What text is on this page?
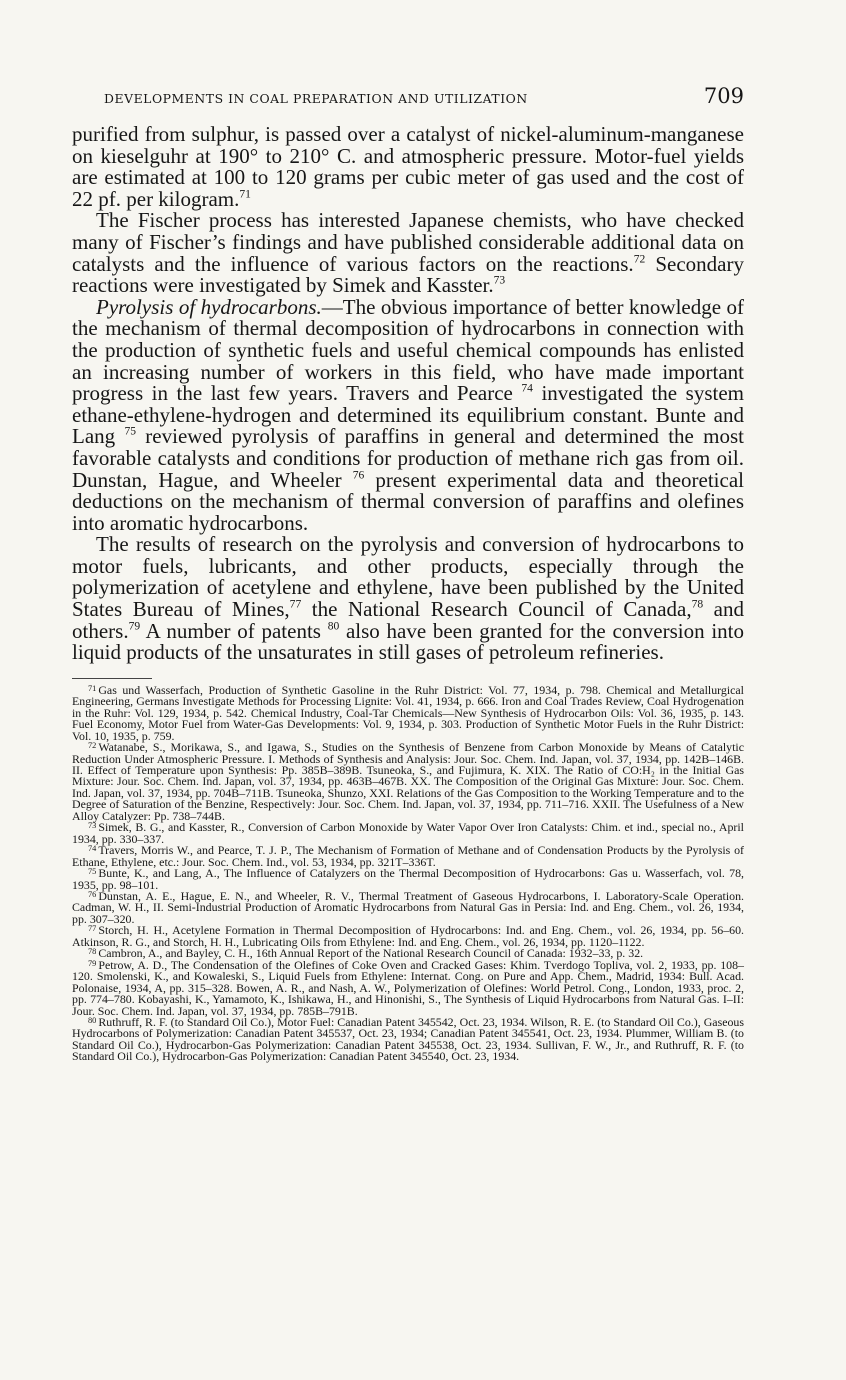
DEVELOPMENTS IN COAL PREPARATION AND UTILIZATION	709

purified from sulphur, is passed over a catalyst of nickel-aluminum-manganese on kieselguhr at 190° to 210° C. and atmospheric pressure. Motor-fuel yields are estimated at 100 to 120 grams per cubic meter of gas used and the cost of 22 pf. per kilogram.$^{71}$

The Fischer process has interested Japanese chemists, who have checked many of Fischer’s findings and have published considerable additional data on catalysts and the influence of various factors on the reactions.$^{72}$ Secondary reactions were investigated by Simek and Kasster.$^{73}$

Pyrolysis of hydrocarbons.—The obvious importance of better knowledge of the mechanism of thermal decomposition of hydrocarbons in connection with the production of synthetic fuels and useful chemical compounds has enlisted an increasing number of workers in this field, who have made important progress in the last few years. Travers and Pearce $^{74}$ investigated the system ethane-ethylene-hydrogen and determined its equilibrium constant. Bunte and Lang $^{75}$ reviewed pyrolysis of paraffins in general and determined the most favorable catalysts and conditions for production of methane rich gas from oil. Dunstan, Hague, and Wheeler $^{76}$ present experimental data and theoretical deductions on the mechanism of thermal conversion of paraffins and olefines into aromatic hydrocarbons.

The results of research on the pyrolysis and conversion of hydrocarbons to motor fuels, lubricants, and other products, especially through the polymerization of acetylene and ethylene, have been published by the United States Bureau of Mines,$^{77}$ the National Research Council of Canada,$^{78}$ and others.$^{79}$ A number of patents $^{80}$ also have been granted for the conversion into liquid products of the unsaturates in still gases of petroleum refineries.

$^{71}$ Gas und Wasserfach, Production of Synthetic Gasoline in the Ruhr District: Vol. 77, 1934, p. 798. Chemical and Metallurgical Engineering, Germans Investigate Methods for Processing Lignite: Vol. 41, 1934, p. 666. Iron and Coal Trades Review, Coal Hydrogenation in the Ruhr: Vol. 129, 1934, p. 542. Chemical Industry, Coal-Tar Chemicals—New Synthesis of Hydrocarbon Oils: Vol. 36, 1935, p. 143. Fuel Economy, Motor Fuel from Water-Gas Developments: Vol. 9, 1934, p. 303. Production of Synthetic Motor Fuels in the Ruhr District: Vol. 10, 1935, p. 759.

$^{72}$ Watanabe, S., Morikawa, S., and Igawa, S., Studies on the Synthesis of Benzene from Carbon Monoxide by Means of Catalytic Reduction Under Atmospheric Pressure. I. Methods of Synthesis and Analysis: Jour. Soc. Chem. Ind. Japan, vol. 37, 1934, pp. 142B–146B. II. Effect of Temperature upon Synthesis: Pp. 385B–389B. Tsuneoka, S., and Fujimura, K. XIX. The Ratio of CO:H₂ in the Initial Gas Mixture: Jour. Soc. Chem. Ind. Japan, vol. 37, 1934, pp. 463B–467B. XX. The Composition of the Original Gas Mixture: Jour. Soc. Chem. Ind. Japan, vol. 37, 1934, pp. 704B–711B. Tsuneoka, Shunzo, XXI. Relations of the Gas Composition to the Working Temperature and to the Degree of Saturation of the Benzine, Respectively: Jour. Soc. Chem. Ind. Japan, vol. 37, 1934, pp. 711–716. XXII. The Usefulness of a New Alloy Catalyzer: Pp. 738–744B.

$^{73}$ Simek, B. G., and Kasster, R., Conversion of Carbon Monoxide by Water Vapor Over Iron Catalysts: Chim. et ind., special no., April 1934, pp. 330–337.

$^{74}$ Travers, Morris W., and Pearce, T. J. P., The Mechanism of Formation of Methane and of Condensation Products by the Pyrolysis of Ethane, Ethylene, etc.: Jour. Soc. Chem. Ind., vol. 53, 1934, pp. 321T–336T.

$^{75}$ Bunte, K., and Lang, A., The Influence of Catalyzers on the Thermal Decomposition of Hydrocarbons: Gas u. Wasserfach, vol. 78, 1935, pp. 98–101.

$^{76}$ Dunstan, A. E., Hague, E. N., and Wheeler, R. V., Thermal Treatment of Gaseous Hydrocarbons, I. Laboratory-Scale Operation. Cadman, W. H., II. Semi-Industrial Production of Aromatic Hydrocarbons from Natural Gas in Persia: Ind. and Eng. Chem., vol. 26, 1934, pp. 307–320.

$^{77}$ Storch, H. H., Acetylene Formation in Thermal Decomposition of Hydrocarbons: Ind. and Eng. Chem., vol. 26, 1934, pp. 56–60. Atkinson, R. G., and Storch, H. H., Lubricating Oils from Ethylene: Ind. and Eng. Chem., vol. 26, 1934, pp. 1120–1122.

$^{78}$ Cambron, A., and Bayley, C. H., 16th Annual Report of the National Research Council of Canada: 1932–33, p. 32.

$^{79}$ Petrow, A. D., The Condensation of the Olefines of Coke Oven and Cracked Gases: Khim. Tverdogo Topliva, vol. 2, 1933, pp. 108–120. Smolenski, K., and Kowaleski, S., Liquid Fuels from Ethylene: Internat. Cong. on Pure and App. Chem., Madrid, 1934: Bull. Acad. Polonaise, 1934, A, pp. 315–328. Bowen, A. R., and Nash, A. W., Polymerization of Olefines: World Petrol. Cong., London, 1933, proc. 2, pp. 774–780. Kobayashi, K., Yamamoto, K., Ishikawa, H., and Hinonishi, S., The Synthesis of Liquid Hydrocarbons from Natural Gas. I–II: Jour. Soc. Chem. Ind. Japan, vol. 37, 1934, pp. 785B–791B.

$^{80}$ Ruthruff, R. F. (to Standard Oil Co.), Motor Fuel: Canadian Patent 345542, Oct. 23, 1934. Wilson, R. E. (to Standard Oil Co.), Gaseous Hydrocarbons of Polymerization: Canadian Patent 345537, Oct. 23, 1934; Canadian Patent 345541, Oct. 23, 1934. Plummer, William B. (to Standard Oil Co.), Hydrocarbon-Gas Polymerization: Canadian Patent 345538, Oct. 23, 1934. Sullivan, F. W., Jr., and Ruthruff, R. F. (to Standard Oil Co.), Hydrocarbon-Gas Polymerization: Canadian Patent 345540, Oct. 23, 1934.
